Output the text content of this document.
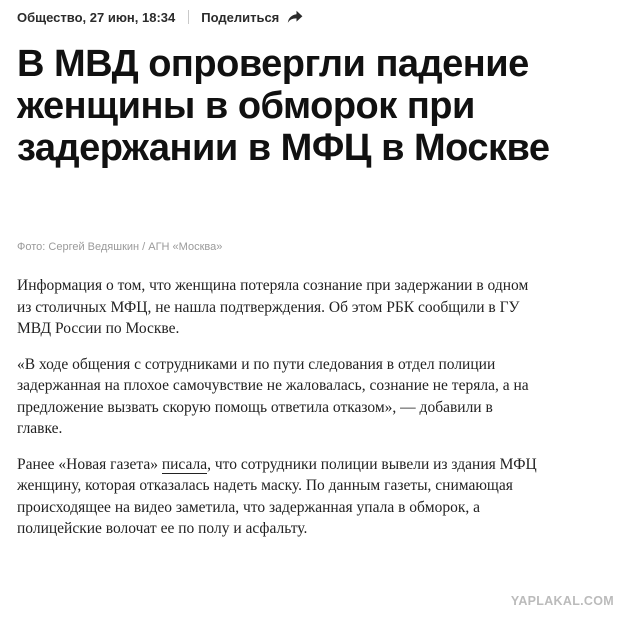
Общество, 27 июн, 18:34 Поделиться
В МВД опровергли падение женщины в обморок при задержании в МФЦ в Москве
Фото: Сергей Ведяшкин / АГН «Москва»

Информация о том, что женщина потеряла сознание при задержании в одном из столичных МФЦ, не нашла подтверждения. Об этом РБК сообщили в ГУ МВД России по Москве.

«В ходе общения с сотрудниками и по пути следования в отдел полиции задержанная на плохое самочувствие не жаловалась, сознание не теряла, а на предложение вызвать скорую помощь ответила отказом», — добавили в главке.

Ранее «Новая газета» писала, что сотрудники полиции вывели из здания МФЦ женщину, которая отказалась надеть маску. По данным газеты, снимающая происходящее на видео заметила, что задержанная упала в обморок, а полицейские волочат ее по полу и асфальту.

YAPLAKAL.COM
